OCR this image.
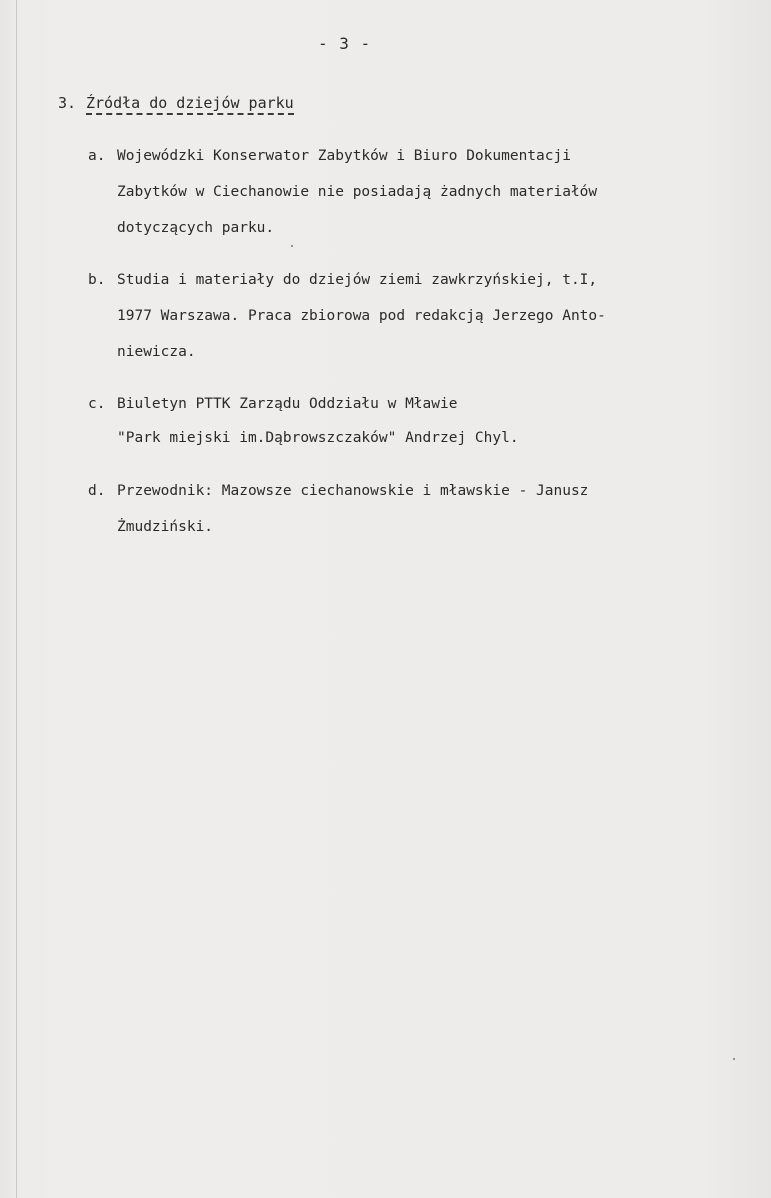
- 3 -
3. Źródła do dziejów parku
a. Wojewódzki Konserwator Zabytków i Biuro Dokumentacji
Zabytków w Ciechanowie nie posiadają żadnych materiałów
dotyczących parku.
b. Studia i materiały do dziejów ziemi zawkrzyńskiej, t.I,
1977 Warszawa. Praca zbiorowa pod redakcją Jerzego Anto-
niewicza.
c. Biuletyn PTTK Zarządu Oddziału w Mławie
"Park miejski im.Dąbrowszczaków" Andrzej Chyl.
d. Przewodnik: Mazowsze ciechanowskie i mławskie - Janusz
Żmudziński.
